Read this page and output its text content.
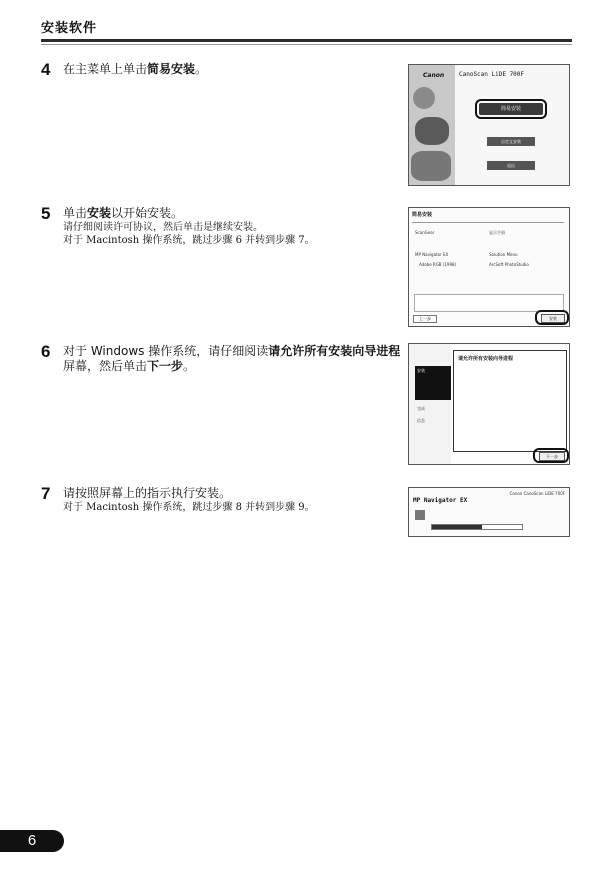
安装软件
4 在主菜单上单击简易安装。	Canon CanoScan LiDE 700F
简易安装
自定义安装
退出
5 单击安装以开始安装。
请仔细阅读许可协议，然后单击是继续安装。
对于 Macintosh 操作系统，跳过步骤 6 并转到步骤 7。
简易安装
ScanGear	显示手册
MP Navigator EX	Solution Menu
Adobe RGB (1998)	ArcSoft PhotoStudio
上一步	安装
6 对于 Windows 操作系统，请仔细阅读请允许所有安装向导进程屏幕，然后单击下一步。	安装
完成
信息
请允许所有安装向导进程
下一步
7 请按照屏幕上的指示执行安装。
对于 Macintosh 操作系统，跳过步骤 8 并转到步骤 9。
Canon CanoScan LiDE 700F
MP Navigator EX
6
